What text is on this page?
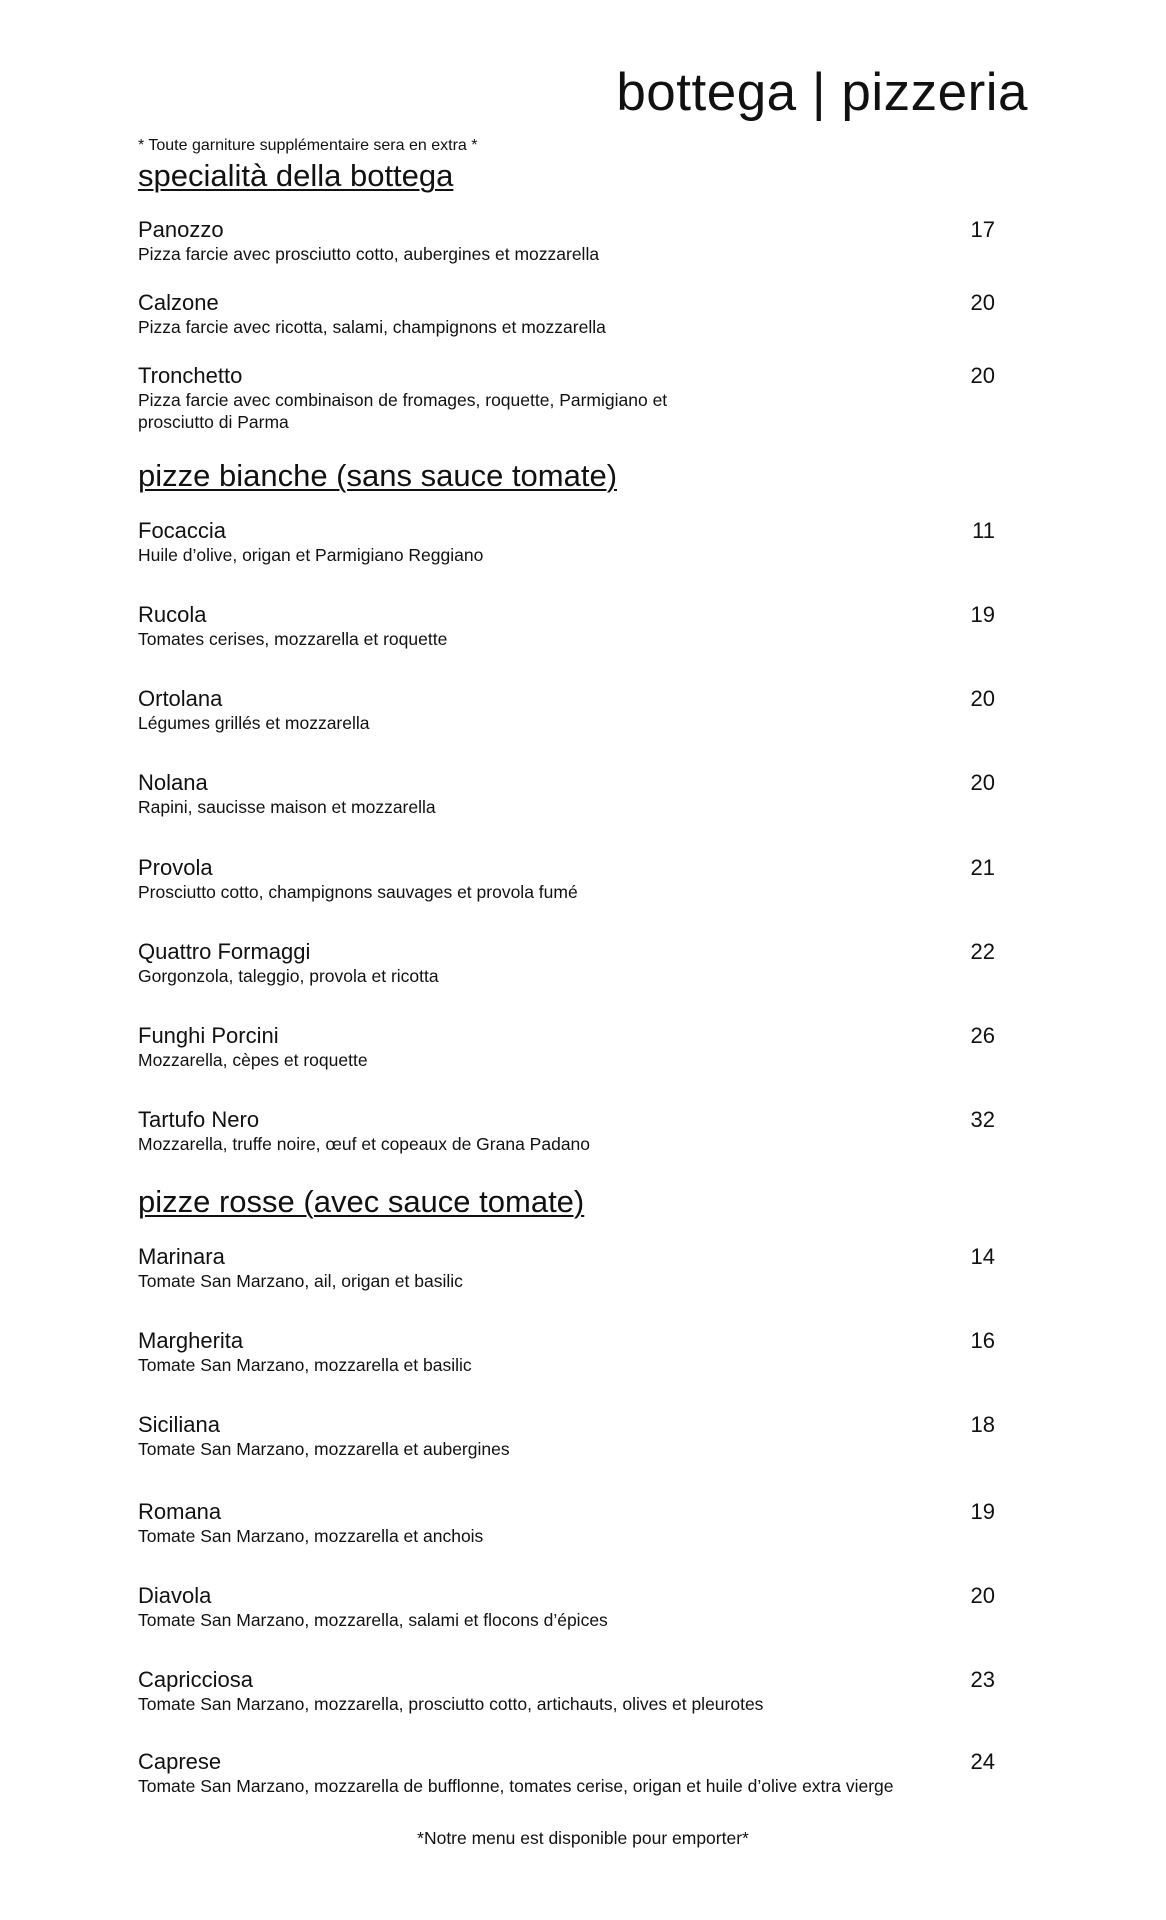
bottega | pizzeria
* Toute garniture supplémentaire sera en extra *
specialità della bottega
Panozzo	17
Pizza farcie avec prosciutto cotto, aubergines et mozzarella
Calzone	20
Pizza farcie avec ricotta, salami, champignons et mozzarella
Tronchetto	20
Pizza farcie avec combinaison de fromages, roquette, Parmigiano et prosciutto di Parma
pizze bianche (sans sauce tomate)
Focaccia	11
Huile d’olive, origan et Parmigiano Reggiano
Rucola	19
Tomates cerises, mozzarella et roquette
Ortolana	20
Légumes grillés et mozzarella
Nolana	20
Rapini, saucisse maison et mozzarella
Provola	21
Prosciutto cotto, champignons sauvages et provola fumé
Quattro Formaggi	22
Gorgonzola, taleggio, provola et ricotta
Funghi Porcini	26
Mozzarella, cèpes et roquette
Tartufo Nero	32
Mozzarella, truffe noire, œuf et copeaux de Grana Padano
pizze rosse (avec sauce tomate)
Marinara	14
Tomate San Marzano, ail, origan et basilic
Margherita	16
Tomate San Marzano, mozzarella et basilic
Siciliana	18
Tomate San Marzano, mozzarella et aubergines
Romana	19
Tomate San Marzano, mozzarella et anchois
Diavola	20
Tomate San Marzano, mozzarella, salami et flocons d’épices
Capricciosa	23
Tomate San Marzano, mozzarella, prosciutto cotto, artichauts, olives et pleurotes
Caprese	24
Tomate San Marzano, mozzarella de bufflonne, tomates cerise, origan et huile d’olive extra vierge
*Notre menu est disponible pour emporter*
